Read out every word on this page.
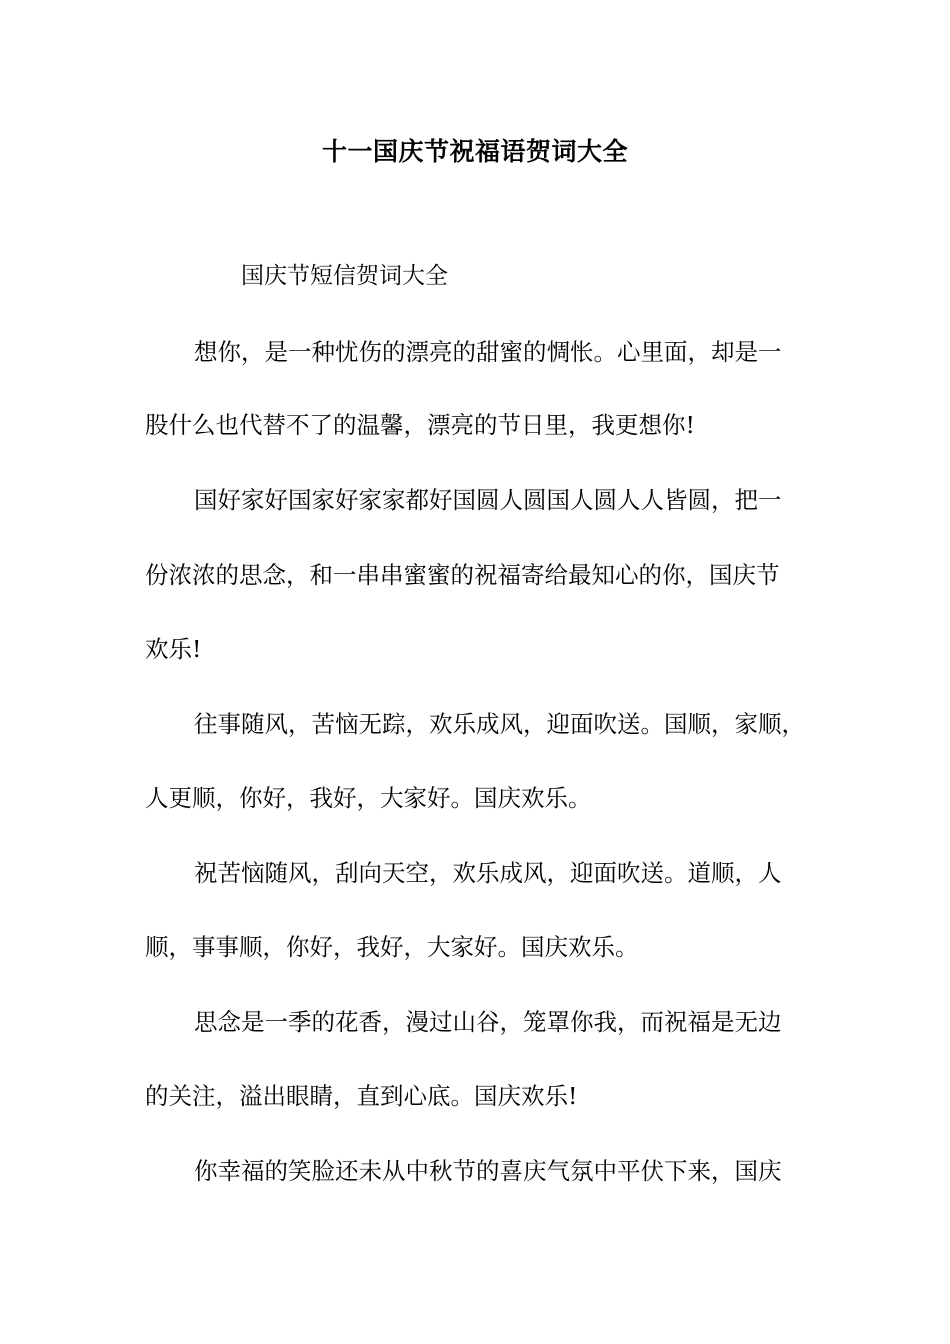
十一国庆节祝福语贺词大全

国庆节短信贺词大全

想你，是一种忧伤的漂亮的甜蜜的惆怅。心里面，却是一

股什么也代替不了的温馨，漂亮的节日里，我更想你!

国好家好国家好家家都好国圆人圆国人圆人人皆圆，把一

份浓浓的思念，和一串串蜜蜜的祝福寄给最知心的你，国庆节

欢乐!

往事随风，苦恼无踪，欢乐成风，迎面吹送。国顺，家顺，

人更顺，你好，我好，大家好。国庆欢乐。

祝苦恼随风，刮向天空，欢乐成风，迎面吹送。道顺，人

顺，事事顺，你好，我好，大家好。国庆欢乐。

思念是一季的花香，漫过山谷，笼罩你我，而祝福是无边

的关注，溢出眼睛，直到心底。国庆欢乐!

你幸福的笑脸还未从中秋节的喜庆气氛中平伏下来，国庆
